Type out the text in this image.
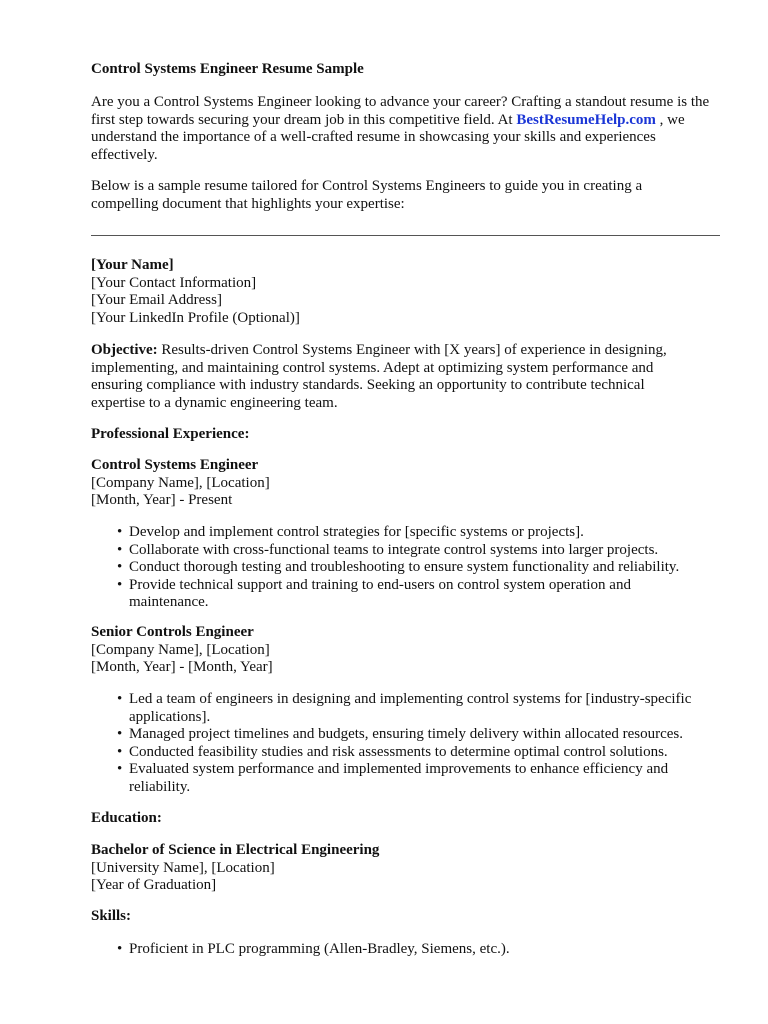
Control Systems Engineer Resume Sample
Are you a Control Systems Engineer looking to advance your career? Crafting a standout resume is the first step towards securing your dream job in this competitive field. At BestResumeHelp.com , we understand the importance of a well-crafted resume in showcasing your skills and experiences effectively.
Below is a sample resume tailored for Control Systems Engineers to guide you in creating a compelling document that highlights your expertise:
[Your Name]
[Your Contact Information]
[Your Email Address]
[Your LinkedIn Profile (Optional)]
Objective: Results-driven Control Systems Engineer with [X years] of experience in designing, implementing, and maintaining control systems. Adept at optimizing system performance and ensuring compliance with industry standards. Seeking an opportunity to contribute technical expertise to a dynamic engineering team.
Professional Experience:
Control Systems Engineer
[Company Name], [Location]
[Month, Year] - Present
• Develop and implement control strategies for [specific systems or projects].
• Collaborate with cross-functional teams to integrate control systems into larger projects.
• Conduct thorough testing and troubleshooting to ensure system functionality and reliability.
• Provide technical support and training to end-users on control system operation and maintenance.
Senior Controls Engineer
[Company Name], [Location]
[Month, Year] - [Month, Year]
• Led a team of engineers in designing and implementing control systems for [industry-specific applications].
• Managed project timelines and budgets, ensuring timely delivery within allocated resources.
• Conducted feasibility studies and risk assessments to determine optimal control solutions.
• Evaluated system performance and implemented improvements to enhance efficiency and reliability.
Education:
Bachelor of Science in Electrical Engineering
[University Name], [Location]
[Year of Graduation]
Skills:
• Proficient in PLC programming (Allen-Bradley, Siemens, etc.).
